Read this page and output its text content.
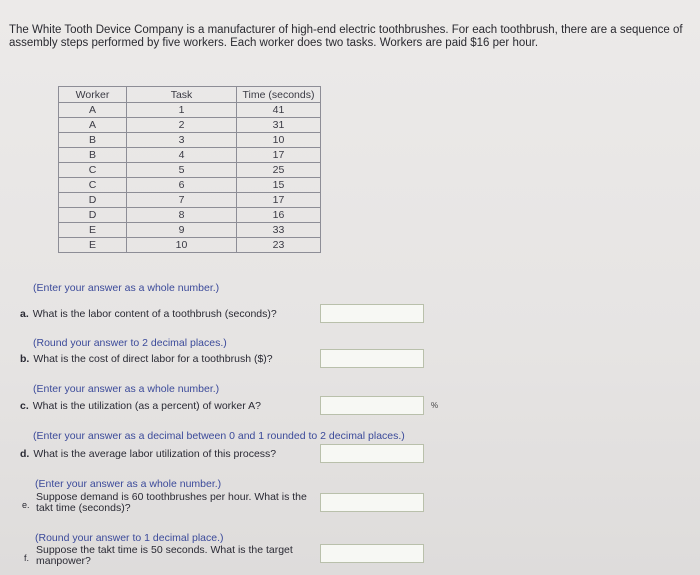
The White Tooth Device Company is a manufacturer of high-end electric toothbrushes. For each toothbrush, there are a sequence of assembly steps performed by five workers. Each worker does two tasks. Workers are paid $16 per hour.
Worker	Task	Time (seconds)
A	1	41
A	2	31
B	3	10
B	4	17
C	5	25
C	6	15
D	7	17
D	8	16
E	9	33
E	10	23
(Enter your answer as a whole number.)
a. What is the labor content of a toothbrush (seconds)?
(Round your answer to 2 decimal places.)
b. What is the cost of direct labor for a toothbrush ($)?
(Enter your answer as a whole number.)
c. What is the utilization (as a percent) of worker A?	%
(Enter your answer as a decimal between 0 and 1 rounded to 2 decimal places.)
d. What is the average labor utilization of this process?
(Enter your answer as a whole number.)
e.
Suppose demand is 60 toothbrushes per hour. What is the takt time (seconds)?
(Round your answer to 1 decimal place.)
f.
Suppose the takt time is 50 seconds. What is the target manpower?
